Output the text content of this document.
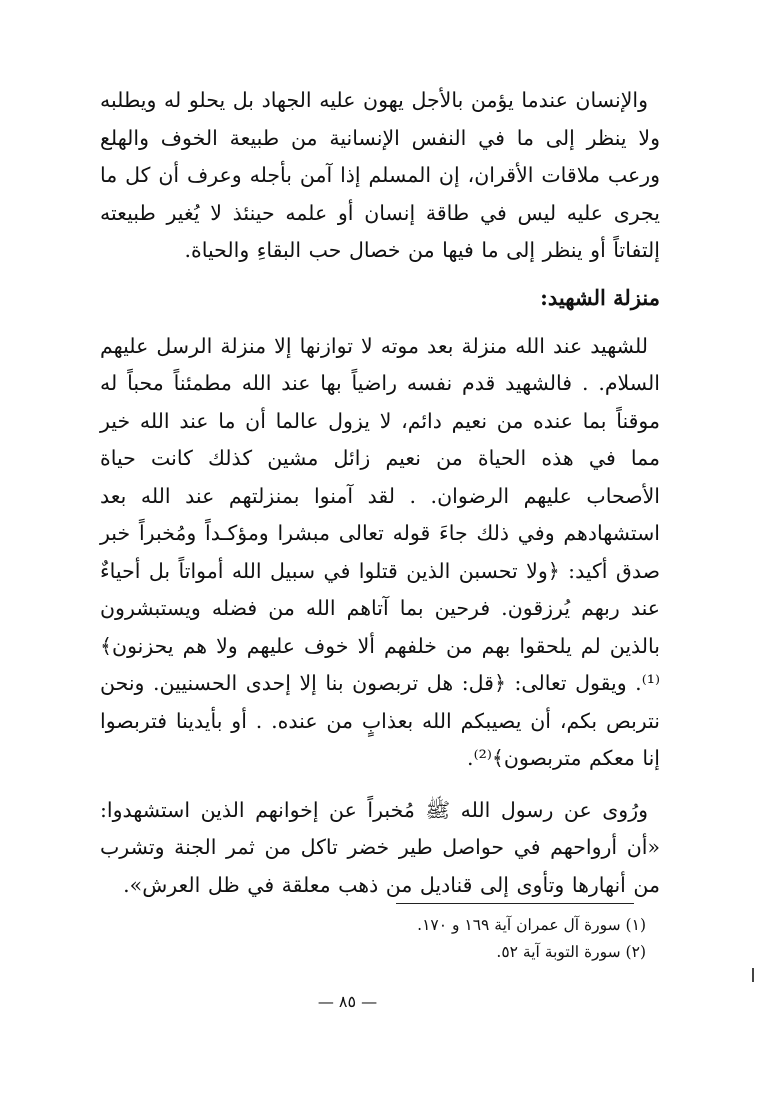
والإنسان عندما يؤمن بالأجل يهون عليه الجهاد بل يحلو له ويطلبه ولا ينظر إلى ما في النفس الإنسانية من طبيعة الخوف والهلع ورعب ملاقات الأقران، إن المسلم إذا آمن بأجله وعرف أن كل ما يجرى عليه ليس في طاقة إنسان أو علمه حينئذ لا يُغير طبيعته إلتفاتاً أو ينظر إلى ما فيها من خصال حب البقاءِ والحياة.

منزلة الشهيد:

للشهيد عند الله منزلة بعد موته لا توازنها إلا منزلة الرسل عليهم السلام. . فالشهيد قدم نفسه راضياً بها عند الله مطمئناً محباً له موقناً بما عنده من نعيم دائم، لا يزول عالما أن ما عند الله خير مما في هذه الحياة من نعيم زائل مشين كذلك كانت حياة الأصحاب عليهم الرضوان. . لقد آمنوا بمنزلتهم عند الله بعد استشهادهم وفي ذلك جاءَ قوله تعالى مبشرا ومؤكـداً ومُخبراً خبر صدق أكيد: ﴿ولا تحسبن الذين قتلوا في سبيل الله أمواتاً بل أحياءٌ عند ربهم يُرزقون. فرحين بما آتاهم الله من فضله ويستبشرون بالذين لم يلحقوا بهم من خلفهم ألا خوف عليهم ولا هم يحزنون﴾⁽¹⁾. ويقول تعالى: ﴿قل: هل تربصون بنا إلا إحدى الحسنيين. ونحن نتربص بكم، أن يصيبكم الله بعذابٍ من عنده. . أو بأيدينا فتربصوا إنا معكم متربصون﴾⁽²⁾.

ورُوى عن رسول الله ﷺ مُخبراً عن إخوانهم الذين استشهدوا: «أن أرواحهم في حواصل طير خضر تاكل من ثمر الجنة وتشرب من أنهارها وتأوى إلى قناديل من ذهب معلقة في ظل العرش».

(١) سورة آل عمران آية ١٦٩ و ١٧٠.

(٢) سورة التوبة آية ٥٢.

— ٨٥ —
